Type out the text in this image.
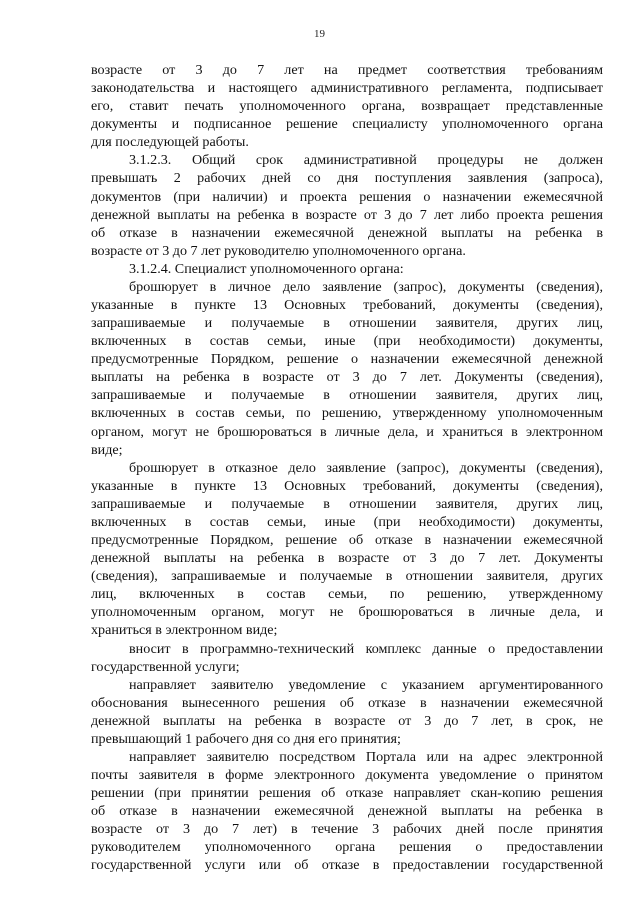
19
возрасте от 3 до 7 лет на предмет соответствия требованиям
законодательства и настоящего административного регламента, подписывает
его, ставит печать уполномоченного органа, возвращает представленные
документы и подписанное решение специалисту уполномоченного органа
для последующей работы.
3.1.2.3. Общий срок административной процедуры не должен
превышать 2 рабочих дней со дня поступления заявления (запроса),
документов (при наличии) и проекта решения о назначении ежемесячной
денежной выплаты на ребенка в возрасте от 3 до 7 лет либо проекта решения
об отказе в назначении ежемесячной денежной выплаты на ребенка в
возрасте от 3 до 7 лет руководителю уполномоченного органа.
3.1.2.4. Специалист уполномоченного органа:
брошюрует в личное дело заявление (запрос), документы (сведения),
указанные в пункте 13 Основных требований, документы (сведения),
запрашиваемые и получаемые в отношении заявителя, других лиц,
включенных в состав семьи, иные (при необходимости) документы,
предусмотренные Порядком, решение о назначении ежемесячной денежной
выплаты на ребенка в возрасте от 3 до 7 лет. Документы (сведения),
запрашиваемые и получаемые в отношении заявителя, других лиц,
включенных в состав семьи, по решению, утвержденному уполномоченным
органом, могут не брошюроваться в личные дела, и храниться в электронном
виде;
брошюрует в отказное дело заявление (запрос), документы (сведения),
указанные в пункте 13 Основных требований, документы (сведения),
запрашиваемые и получаемые в отношении заявителя, других лиц,
включенных в состав семьи, иные (при необходимости) документы,
предусмотренные Порядком, решение об отказе в назначении ежемесячной
денежной выплаты на ребенка в возрасте от 3 до 7 лет. Документы
(сведения), запрашиваемые и получаемые в отношении заявителя, других
лиц, включенных в состав семьи, по решению, утвержденному
уполномоченным органом, могут не брошюроваться в личные дела, и
храниться в электронном виде;
вносит в программно-технический комплекс данные о предоставлении
государственной услуги;
направляет заявителю уведомление с указанием аргументированного
обоснования вынесенного решения об отказе в назначении ежемесячной
денежной выплаты на ребенка в возрасте от 3 до 7 лет, в срок, не
превышающий 1 рабочего дня со дня его принятия;
направляет заявителю посредством Портала или на адрес электронной
почты заявителя в форме электронного документа уведомление о принятом
решении (при принятии решения об отказе направляет скан-копию решения
об отказе в назначении ежемесячной денежной выплаты на ребенка в
возрасте от 3 до 7 лет) в течение 3 рабочих дней после принятия
руководителем уполномоченного органа решения о предоставлении
государственной услуги или об отказе в предоставлении государственной
